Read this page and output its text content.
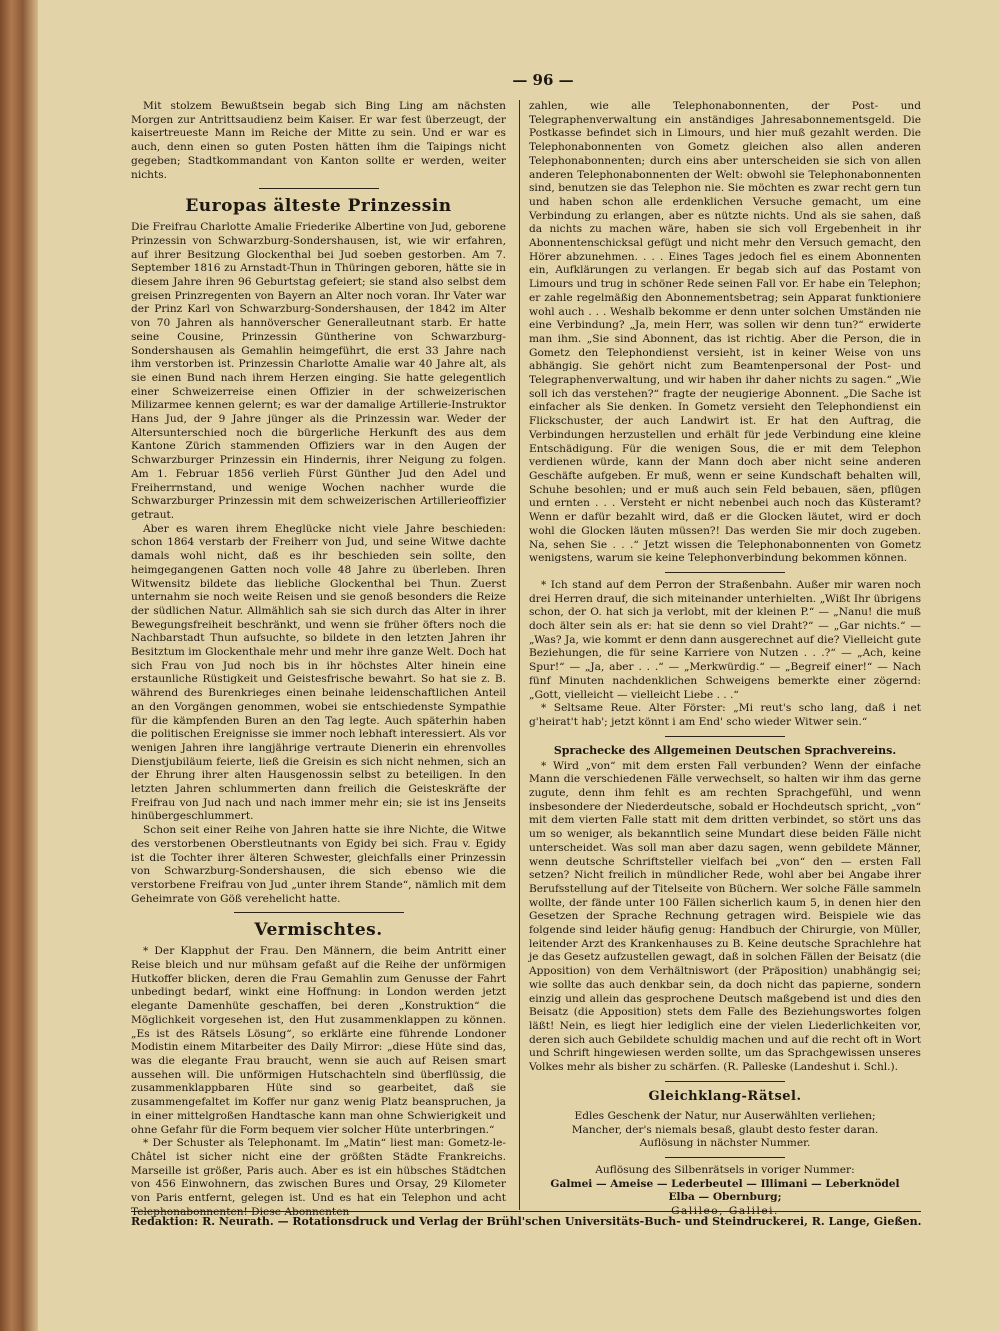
— 96 —

Mit stolzem Bewußtsein begab sich Bing Ling am nächsten Morgen zur Antrittsaudienz beim Kaiser. Er war fest überzeugt, der kaisertreueste Mann im Reiche der Mitte zu sein. Und er war es auch, denn einen so guten Posten hätten ihm die Taipings nicht gegeben; Stadtkommandant von Kanton sollte er werden, weiter nichts.

Europas älteste Prinzessin

Die Freifrau Charlotte Amalie Friederike Albertine von Jud, geborene Prinzessin von Schwarzburg-Sondershausen, ist, wie wir erfahren, auf ihrer Besitzung Glockenthal bei Jud soeben gestorben. Am 7. September 1816 zu Arnstadt-Thun in Thüringen geboren, hätte sie in diesem Jahre ihren 96 Geburtstag gefeiert; sie stand also selbst dem greisen Prinzregenten von Bayern an Alter noch voran. Ihr Vater war der Prinz Karl von Schwarzburg-Sondershausen, der 1842 im Alter von 70 Jahren als hannöverscher Generalleutnant starb. Er hatte seine Cousine, Prinzessin Güntherine von Schwarzburg-Sondershausen als Gemahlin heimgeführt, die erst 33 Jahre nach ihm verstorben ist. Prinzessin Charlotte Amalie war 40 Jahre alt, als sie einen Bund nach ihrem Herzen einging. Sie hatte gelegentlich einer Schweizerreise einen Offizier in der schweizerischen Milizarmee kennen gelernt; es war der damalige Artillerie-Instruktor Hans Jud, der 9 Jahre jünger als die Prinzessin war. Weder der Altersunterschied noch die bürgerliche Herkunft des aus dem Kantone Zürich stammenden Offiziers war in den Augen der Schwarzburger Prinzessin ein Hindernis, ihrer Neigung zu folgen. Am 1. Februar 1856 verlieh Fürst Günther Jud den Adel und Freiherrnstand, und wenige Wochen nachher wurde die Schwarzburger Prinzessin mit dem schweizerischen Artillerieoffizier getraut.

Aber es waren ihrem Eheglücke nicht viele Jahre beschieden: schon 1864 verstarb der Freiherr von Jud, und seine Witwe dachte damals wohl nicht, daß es ihr beschieden sein sollte, den heimgegangenen Gatten noch volle 48 Jahre zu überleben. Ihren Witwensitz bildete das liebliche Glockenthal bei Thun. Zuerst unternahm sie noch weite Reisen und sie genoß besonders die Reize der südlichen Natur. Allmählich sah sie sich durch das Alter in ihrer Bewegungsfreiheit beschränkt, und wenn sie früher öfters noch die Nachbarstadt Thun aufsuchte, so bildete in den letzten Jahren ihr Besitztum im Glockenthale mehr und mehr ihre ganze Welt. Doch hat sich Frau von Jud noch bis in ihr höchstes Alter hinein eine erstaunliche Rüstigkeit und Geistesfrische bewahrt. So hat sie z. B. während des Burenkrieges einen beinahe leidenschaftlichen Anteil an den Vorgängen genommen, wobei sie entschiedenste Sympathie für die kämpfenden Buren an den Tag legte. Auch späterhin haben die politischen Ereignisse sie immer noch lebhaft interessiert. Als vor wenigen Jahren ihre langjährige vertraute Dienerin ein ehrenvolles Dienstjubiläum feierte, ließ die Greisin es sich nicht nehmen, sich an der Ehrung ihrer alten Hausgenossin selbst zu beteiligen. In den letzten Jahren schlummerten dann freilich die Geisteskräfte der Freifrau von Jud nach und nach immer mehr ein; sie ist ins Jenseits hinübergeschlummert.

Schon seit einer Reihe von Jahren hatte sie ihre Nichte, die Witwe des verstorbenen Oberstleutnants von Egidy bei sich. Frau v. Egidy ist die Tochter ihrer älteren Schwester, gleichfalls einer Prinzessin von Schwarzburg-Sondershausen, die sich ebenso wie die verstorbene Freifrau von Jud „unter ihrem Stande“, nämlich mit dem Geheimrate von Göß verehelicht hatte.

Vermischtes.

* Der Klapphut der Frau. Den Männern, die beim Antritt einer Reise bleich und nur mühsam gefaßt auf die Reihe der unförmigen Hutkoffer blicken, deren die Frau Gemahlin zum Genusse der Fahrt unbedingt bedarf, winkt eine Hoffnung: in London werden jetzt elegante Damenhüte geschaffen, bei deren „Konstruktion“ die Möglichkeit vorgesehen ist, den Hut zusammenklappen zu können. „Es ist des Rätsels Lösung“, so erklärte eine führende Londoner Modistin einem Mitarbeiter des Daily Mirror: „diese Hüte sind das, was die elegante Frau braucht, wenn sie auch auf Reisen smart aussehen will. Die unförmigen Hutschachteln sind überflüssig, die zusammenklappbaren Hüte sind so gearbeitet, daß sie zusammengefaltet im Koffer nur ganz wenig Platz beanspruchen, ja in einer mittelgroßen Handtasche kann man ohne Schwierigkeit und ohne Gefahr für die Form bequem vier solcher Hüte unterbringen.“

* Der Schuster als Telephonamt. Im „Matin“ liest man: Gometz-le-Châtel ist sicher nicht eine der größten Städte Frankreichs. Marseille ist größer, Paris auch. Aber es ist ein hübsches Städtchen von 456 Einwohnern, das zwischen Bures und Orsay, 29 Kilometer von Paris entfernt, gelegen ist. Und es hat ein Telephon und acht Telephonabonnenten! Diese Abonnenten

zahlen, wie alle Telephonabonnenten, der Post- und Telegraphenverwaltung ein anständiges Jahresabonnementsgeld. Die Postkasse befindet sich in Limours, und hier muß gezahlt werden. Die Telephonabonnenten von Gometz gleichen also allen anderen Telephonabonnenten; durch eins aber unterscheiden sie sich von allen anderen Telephonabonnenten der Welt: obwohl sie Telephonabonnenten sind, benutzen sie das Telephon nie. Sie möchten es zwar recht gern tun und haben schon alle erdenklichen Versuche gemacht, um eine Verbindung zu erlangen, aber es nützte nichts. Und als sie sahen, daß da nichts zu machen wäre, haben sie sich voll Ergebenheit in ihr Abonnentenschicksal gefügt und nicht mehr den Versuch gemacht, den Hörer abzunehmen. . . . Eines Tages jedoch fiel es einem Abonnenten ein, Aufklärungen zu verlangen. Er begab sich auf das Postamt von Limours und trug in schöner Rede seinen Fall vor. Er habe ein Telephon; er zahle regelmäßig den Abonnementsbetrag; sein Apparat funktioniere wohl auch . . . Weshalb bekomme er denn unter solchen Umständen nie eine Verbindung? „Ja, mein Herr, was sollen wir denn tun?“ erwiderte man ihm. „Sie sind Abonnent, das ist richtig. Aber die Person, die in Gometz den Telephondienst versieht, ist in keiner Weise von uns abhängig. Sie gehört nicht zum Beamtenpersonal der Post- und Telegraphenverwaltung, und wir haben ihr daher nichts zu sagen.“ „Wie soll ich das verstehen?“ fragte der neugierige Abonnent. „Die Sache ist einfacher als Sie denken. In Gometz versieht den Telephondienst ein Flickschuster, der auch Landwirt ist. Er hat den Auftrag, die Verbindungen herzustellen und erhält für jede Verbindung eine kleine Entschädigung. Für die wenigen Sous, die er mit dem Telephon verdienen würde, kann der Mann doch aber nicht seine anderen Geschäfte aufgeben. Er muß, wenn er seine Kundschaft behalten will, Schuhe besohlen; und er muß auch sein Feld bebauen, säen, pflügen und ernten . . . Versteht er nicht nebenbei auch noch das Küsteramt? Wenn er dafür bezahlt wird, daß er die Glocken läutet, wird er doch wohl die Glocken läuten müssen?! Das werden Sie mir doch zugeben. Na, sehen Sie . . .“ Jetzt wissen die Telephonabonnenten von Gometz wenigstens, warum sie keine Telephonverbindung bekommen können.

* Ich stand auf dem Perron der Straßenbahn. Außer mir waren noch drei Herren drauf, die sich miteinander unterhielten. „Wißt Ihr übrigens schon, der O. hat sich ja verlobt, mit der kleinen P.“ — „Nanu! die muß doch älter sein als er: hat sie denn so viel Draht?“ — „Gar nichts.“ — „Was? Ja, wie kommt er denn dann ausgerechnet auf die? Vielleicht gute Beziehungen, die für seine Karriere von Nutzen . . .?“ — „Ach, keine Spur!“ — „Ja, aber . . .“ — „Merkwürdig.“ — „Begreif einer!“ — Nach fünf Minuten nachdenklichen Schweigens bemerkte einer zögernd: „Gott, vielleicht — vielleicht Liebe . . .“

* Seltsame Reue. Alter Förster: „Mi reut's scho lang, daß i net g'heirat't hab'; jetzt könnt i am End' scho wieder Witwer sein.“

Sprachecke des Allgemeinen Deutschen Sprachvereins.

* Wird „von“ mit dem ersten Fall verbunden? Wenn der einfache Mann die verschiedenen Fälle verwechselt, so halten wir ihm das gerne zugute, denn ihm fehlt es am rechten Sprachgefühl, und wenn insbesondere der Niederdeutsche, sobald er Hochdeutsch spricht, „von“ mit dem vierten Falle statt mit dem dritten verbindet, so stört uns das um so weniger, als bekanntlich seine Mundart diese beiden Fälle nicht unterscheidet. Was soll man aber dazu sagen, wenn gebildete Männer, wenn deutsche Schriftsteller vielfach bei „von“ den — ersten Fall setzen? Nicht freilich in mündlicher Rede, wohl aber bei Angabe ihrer Berufsstellung auf der Titelseite von Büchern. Wer solche Fälle sammeln wollte, der fände unter 100 Fällen sicherlich kaum 5, in denen hier den Gesetzen der Sprache Rechnung getragen wird. Beispiele wie das folgende sind leider häufig genug: Handbuch der Chirurgie, von Müller, leitender Arzt des Krankenhauses zu B. Keine deutsche Sprachlehre hat je das Gesetz aufzustellen gewagt, daß in solchen Fällen der Beisatz (die Apposition) von dem Verhältniswort (der Präposition) unabhängig sei; wie sollte das auch denkbar sein, da doch nicht das papierne, sondern einzig und allein das gesprochene Deutsch maßgebend ist und dies den Beisatz (die Apposition) stets dem Falle des Beziehungswortes folgen läßt! Nein, es liegt hier lediglich eine der vielen Liederlichkeiten vor, deren sich auch Gebildete schuldig machen und auf die recht oft in Wort und Schrift hingewiesen werden sollte, um das Sprachgewissen unseres Volkes mehr als bisher zu schärfen. (R. Palleske (Landeshut i. Schl.).

Gleichklang-Rätsel.
Edles Geschenk der Natur, nur Auserwählten verliehen;
Mancher, der's niemals besaß, glaubt desto fester daran.
Auflösung in nächster Nummer.
Auflösung des Silbenrätsels in voriger Nummer:
Galmei — Ameise — Lederbeutel — Illimani — Leberknödel
Elba — Obernburg;
Galileo, Galilei.
Redaktion: R. Neurath. — Rotationsdruck und Verlag der Brühl'schen Universitäts-Buch- und Steindruckerei, R. Lange, Gießen.
